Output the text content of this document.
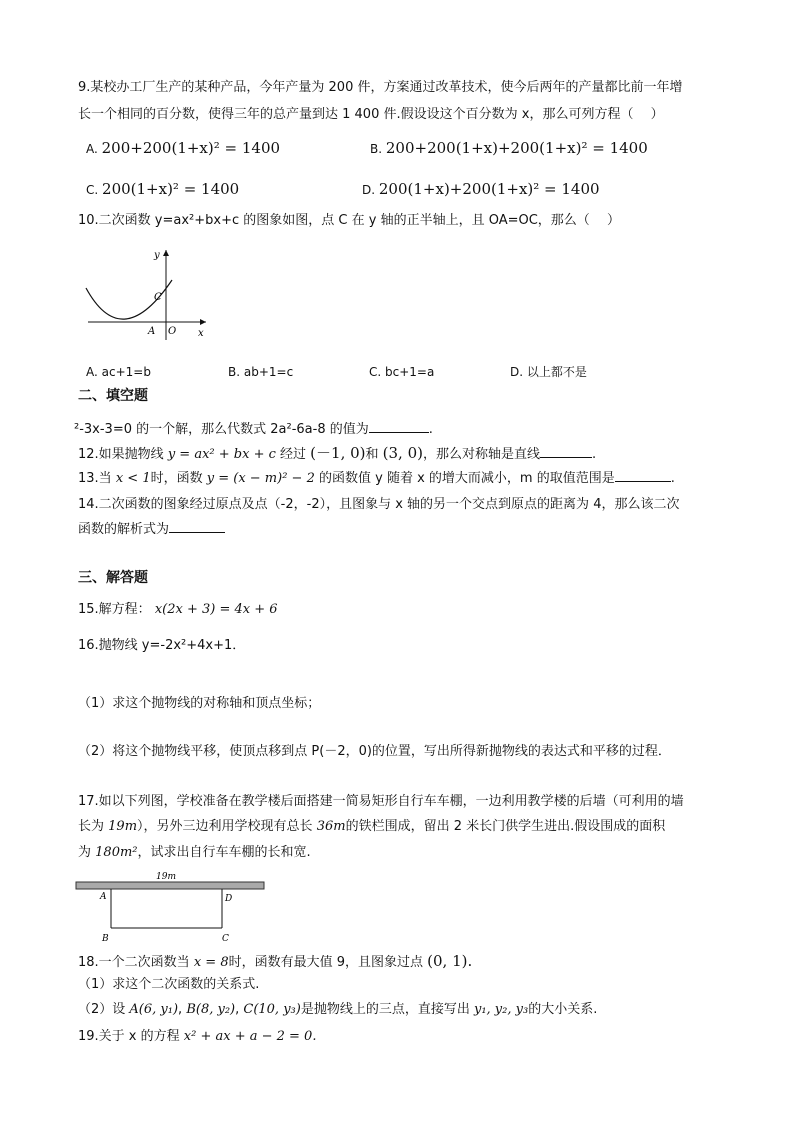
9.某校办工厂生产的某种产品，今年产量为 200 件，方案通过改革技术，使今后两年的产量都比前一年增
长一个相同的百分数，使得三年的总产量到达 1 400 件.假设设这个百分数为 x，那么可列方程（　 ）
A. 200+200(1+x)² = 1400	B. 200+200(1+x)+200(1+x)² = 1400
C. 200(1+x)² = 1400	D. 200(1+x)+200(1+x)² = 1400
10.二次函数 y=ax²+bx+c 的图象如图，点 C 在 y 轴的正半轴上，且 OA=OC，那么（　 ）
y
x
C
A O
A. ac+1=b	B. ab+1=c	C. bc+1=a	D. 以上都不是
二、填空题
²-3x-3=0 的一个解，那么代数式 2a²-6a-8 的值为	.
12.如果抛物线 y = ax² + bx + c 经过 (－1, 0)和 (3, 0)，那么对称轴是直线	.
13.当 x < 1时，函数 y = (x − m)² − 2 的函数值 y 随着 x 的增大而减小，m 的取值范围是	.
14.二次函数的图象经过原点及点（-2，-2），且图象与 x 轴的另一个交点到原点的距离为 4，那么该二次
函数的解析式为
三、解答题
15.解方程： x(2x + 3) = 4x + 6
16.抛物线 y=-2x²+4x+1．
（1）求这个抛物线的对称轴和顶点坐标；
（2）将这个抛物线平移，使顶点移到点 P(－2，0)的位置，写出所得新抛物线的表达式和平移的过程．
17.如以下列图，学校准备在教学楼后面搭建一简易矩形自行车车棚，一边利用教学楼的后墙（可利用的墙
长为 19m），另外三边利用学校现有总长 36m的铁栏围成，留出 2 米长门供学生进出.假设围成的面积
为 180m²，试求出自行车车棚的长和宽.
19m
A
B	C
D
18.一个二次函数当 x = 8时，函数有最大值 9，且图象过点 (0, 1).
（1）求这个二次函数的关系式.
（2）设 A(6, y₁), B(8, y₂), C(10, y₃)是抛物线上的三点，直接写出 y₁, y₂, y₃的大小关系.
19.关于 x 的方程 x² + ax + a − 2 = 0.
